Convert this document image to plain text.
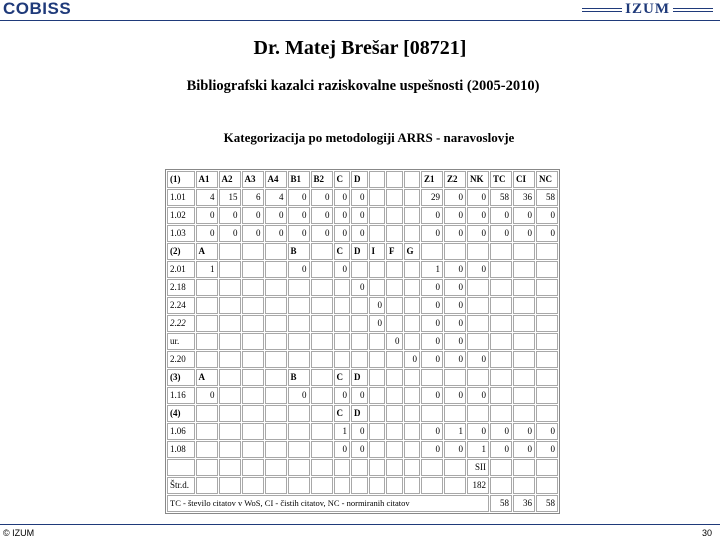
COBISS	IZUM
Dr. Matej Brešar [08721]
Bibliografski kazalci raziskovalne uspešnosti (2005-2010)
Kategorizacija po metodologiji ARRS - naravoslovje
(1)	A1	A2	A3	A4	B1	B2	C	D				Z1	Z2	NK	TC	CI	NC
1.01	4	15	6	4	0	0	0	0				29	0	0	58	36	58
1.02	0	0	0	0	0	0	0	0				0	0	0	0	0	0
1.03	0	0	0	0	0	0	0	0				0	0	0	0	0	0
(2)	A				B		C	D	I	F	G						
2.01	1				0		0					1	0	0			
2.18								0				0	0				
2.24									0			0	0				
2.22									0			0	0				
ur.										0		0	0				
2.20											0	0	0	0			
(3)	A				B		C	D									
1.16	0				0		0	0				0	0	0			
(4)							C	D									
1.06							1	0				0	1	0	0	0	0
1.08							0	0				0	0	1	0	0	0
														SII			
Štr.d.														182			
TC - število citatov v WoS, CI - čistih citatov, NC - normiranih citatov															58	36	58
© IZUM	30
